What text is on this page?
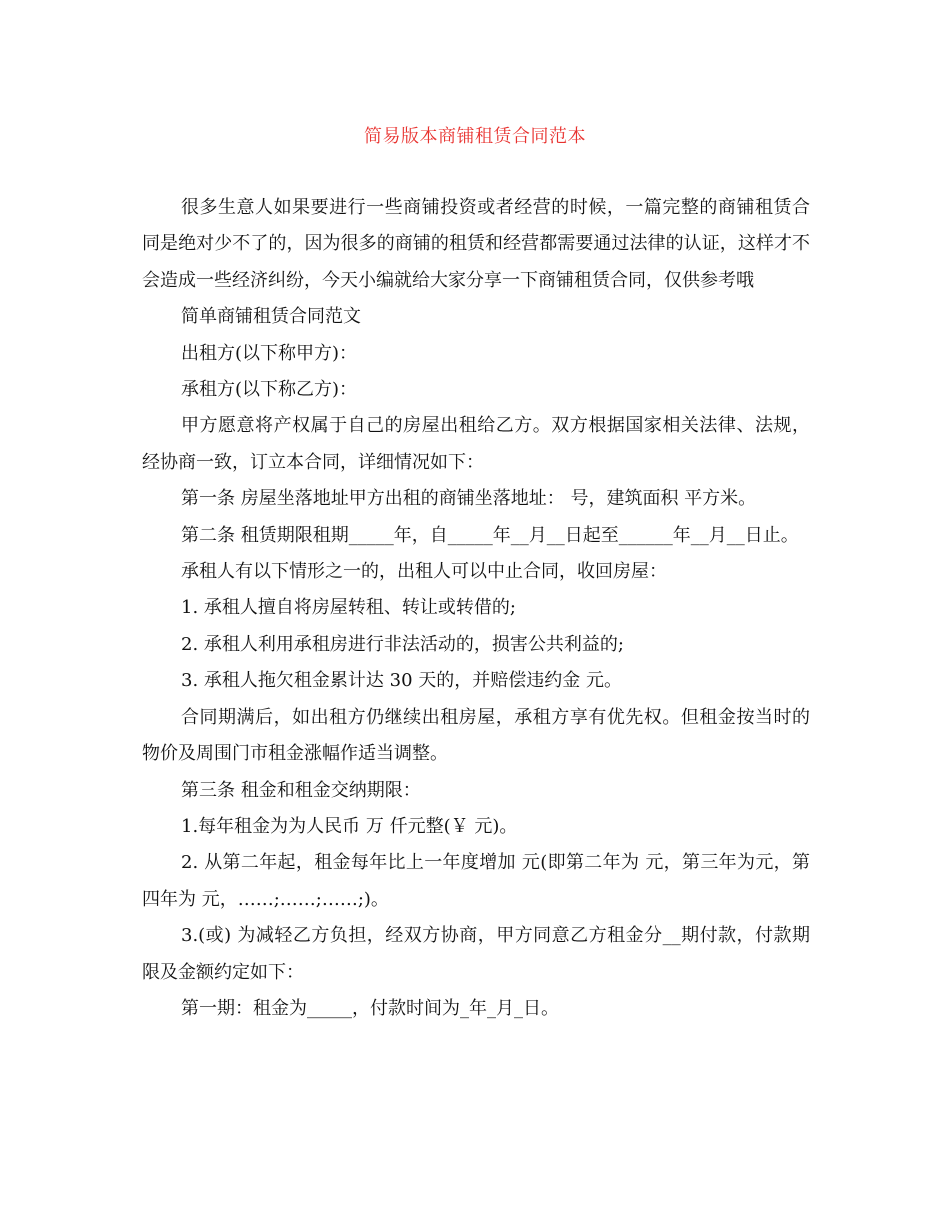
简易版本商铺租赁合同范本

很多生意人如果要进行一些商铺投资或者经营的时候，一篇完整的商铺租赁合同是绝对少不了的，因为很多的商铺的租赁和经营都需要通过法律的认证，这样才不会造成一些经济纠纷，今天小编就给大家分享一下商铺租赁合同，仅供参考哦

简单商铺租赁合同范文

出租方(以下称甲方)：

承租方(以下称乙方)：

甲方愿意将产权属于自己的房屋出租给乙方。双方根据国家相关法律、法规，经协商一致，订立本合同，详细情况如下：

第一条 房屋坐落地址甲方出租的商铺坐落地址： 号，建筑面积 平方米。

第二条 租赁期限租期_____年，自_____年__月__日起至______年__月__日止。

承租人有以下情形之一的，出租人可以中止合同，收回房屋：

1. 承租人擅自将房屋转租、转让或转借的;

2. 承租人利用承租房进行非法活动的，损害公共利益的;

3. 承租人拖欠租金累计达 30 天的，并赔偿违约金 元。

合同期满后，如出租方仍继续出租房屋，承租方享有优先权。但租金按当时的物价及周围门市租金涨幅作适当调整。

第三条 租金和租金交纳期限：

1.每年租金为为人民币 万 仟元整(￥ 元)。

2. 从第二年起，租金每年比上一年度增加 元(即第二年为 元，第三年为元，第四年为 元，……;……;……;)。

3.(或) 为减轻乙方负担，经双方协商，甲方同意乙方租金分__期付款，付款期限及金额约定如下：

第一期：租金为_____，付款时间为_年_月_日。
